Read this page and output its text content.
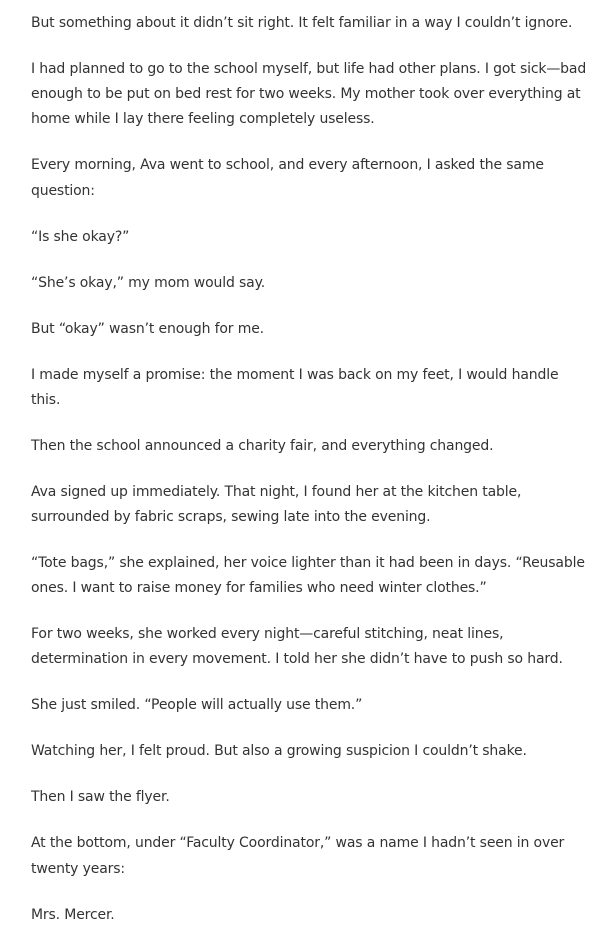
But something about it didn’t sit right. It felt familiar in a way I couldn’t ignore.

I had planned to go to the school myself, but life had other plans. I got sick—bad enough to be put on bed rest for two weeks. My mother took over everything at home while I lay there feeling completely useless.

Every morning, Ava went to school, and every afternoon, I asked the same question:

“Is she okay?”

“She’s okay,” my mom would say.

But “okay” wasn’t enough for me.

I made myself a promise: the moment I was back on my feet, I would handle this.

Then the school announced a charity fair, and everything changed.

Ava signed up immediately. That night, I found her at the kitchen table, surrounded by fabric scraps, sewing late into the evening.

“Tote bags,” she explained, her voice lighter than it had been in days. “Reusable ones. I want to raise money for families who need winter clothes.”

For two weeks, she worked every night—careful stitching, neat lines, determination in every movement. I told her she didn’t have to push so hard.

She just smiled. “People will actually use them.”

Watching her, I felt proud. But also a growing suspicion I couldn’t shake.

Then I saw the flyer.

At the bottom, under “Faculty Coordinator,” was a name I hadn’t seen in over twenty years:

Mrs. Mercer.
